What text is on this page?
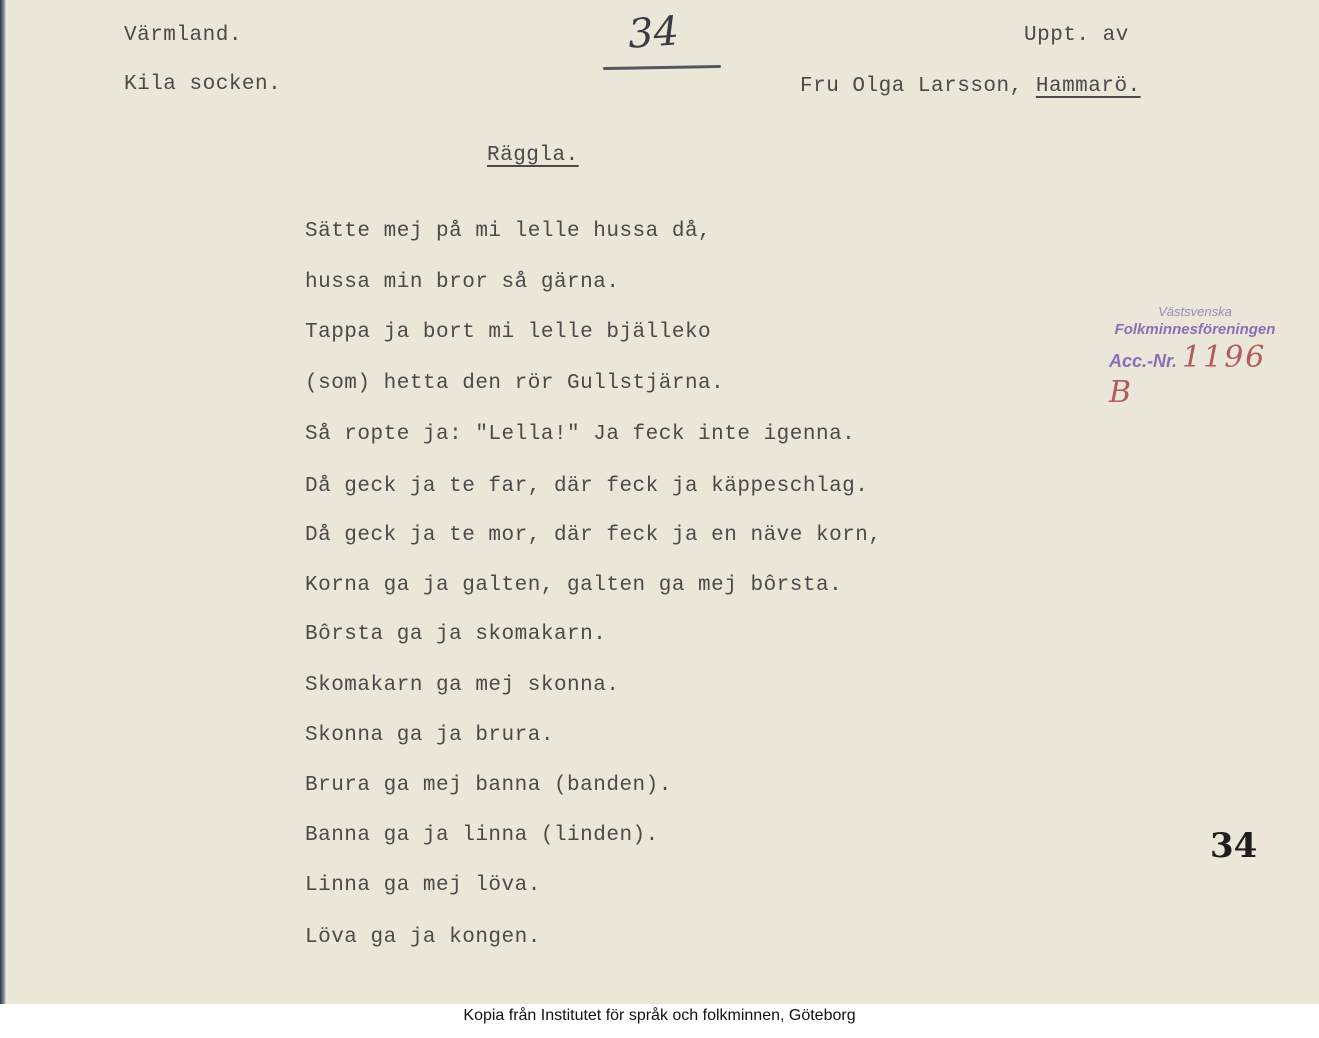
Värmland.
Kila socken.
34	Uppt. av
Fru Olga Larsson, Hammarö.
Räggla.
Sätte mej på mi lelle hussa då,
hussa min bror så gärna.
Tappa ja bort mi lelle bjälleko
(som) hetta den rör Gullstjärna.
Så ropte ja: "Lella!" Ja feck inte igenna.
Då geck ja te far, där feck ja käppeschlag.
Då geck ja te mor, där feck ja en näve korn,
Korna ga ja galten, galten ga mej bôrsta.
Bôrsta ga ja skomakarn.
Skomakarn ga mej skonna.
Skonna ga ja brura.
Brura ga mej banna (banden).
Banna ga ja linna (linden).
Linna ga mej löva.
Löva ga ja kongen.
Västsvenska
Folkminnesföreningen
Acc.-Nr. 1196 B
34
Kopia från Institutet för språk och folkminnen, Göteborg
